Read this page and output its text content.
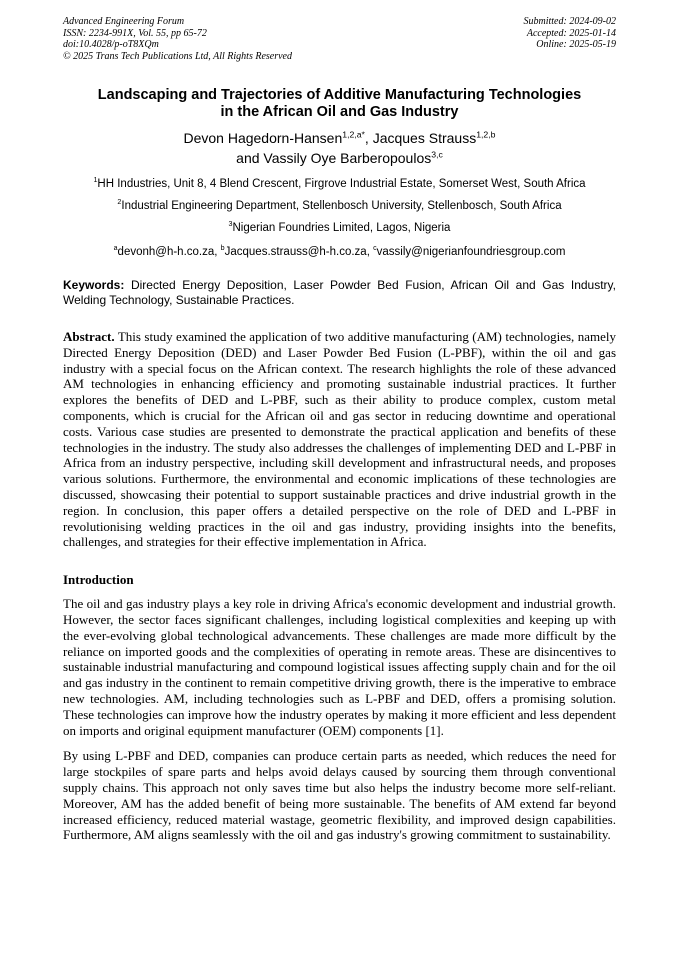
Advanced Engineering Forum
ISSN: 2234-991X, Vol. 55, pp 65-72
doi:10.4028/p-oT8XQm
© 2025 Trans Tech Publications Ltd, All Rights Reserved
Submitted: 2024-09-02
Accepted: 2025-01-14
Online: 2025-05-19
Landscaping and Trajectories of Additive Manufacturing Technologies
in the African Oil and Gas Industry
Devon Hagedorn-Hansen$^{1,2,a*}$, Jacques Strauss$^{1,2,b}$
and Vassily Oye Barberopoulos$^{3,c}$
$^1$HH Industries, Unit 8, 4 Blend Crescent, Firgrove Industrial Estate, Somerset West, South Africa
$^2$Industrial Engineering Department, Stellenbosch University, Stellenbosch, South Africa
$^3$Nigerian Foundries Limited, Lagos, Nigeria
$^a$devonh@h-h.co.za, $^b$Jacques.strauss@h-h.co.za, $^c$vassily@nigerianfoundriesgroup.com

Keywords: Directed Energy Deposition, Laser Powder Bed Fusion, African Oil and Gas Industry, Welding Technology, Sustainable Practices.

Abstract. This study examined the application of two additive manufacturing (AM) technologies, namely Directed Energy Deposition (DED) and Laser Powder Bed Fusion (L-PBF), within the oil and gas industry with a special focus on the African context. The research highlights the role of these advanced AM technologies in enhancing efficiency and promoting sustainable industrial practices. It further explores the benefits of DED and L-PBF, such as their ability to produce complex, custom metal components, which is crucial for the African oil and gas sector in reducing downtime and operational costs. Various case studies are presented to demonstrate the practical application and benefits of these technologies in the industry. The study also addresses the challenges of implementing DED and L-PBF in Africa from an industry perspective, including skill development and infrastructural needs, and proposes various solutions. Furthermore, the environmental and economic implications of these technologies are discussed, showcasing their potential to support sustainable practices and drive industrial growth in the region. In conclusion, this paper offers a detailed perspective on the role of DED and L-PBF in revolutionising welding practices in the oil and gas industry, providing insights into the benefits, challenges, and strategies for their effective implementation in Africa.

Introduction

The oil and gas industry plays a key role in driving Africa's economic development and industrial growth. However, the sector faces significant challenges, including logistical complexities and keeping up with the ever-evolving global technological advancements. These challenges are made more difficult by the reliance on imported goods and the complexities of operating in remote areas. These are disincentives to sustainable industrial manufacturing and compound logistical issues affecting supply chain and for the oil and gas industry in the continent to remain competitive driving growth, there is the imperative to embrace new technologies. AM, including technologies such as L-PBF and DED, offers a promising solution. These technologies can improve how the industry operates by making it more efficient and less dependent on imports and original equipment manufacturer (OEM) components [1].

By using L-PBF and DED, companies can produce certain parts as needed, which reduces the need for large stockpiles of spare parts and helps avoid delays caused by sourcing them through conventional supply chains. This approach not only saves time but also helps the industry become more self-reliant. Moreover, AM has the added benefit of being more sustainable. The benefits of AM extend far beyond increased efficiency, reduced material wastage, geometric flexibility, and improved design capabilities. Furthermore, AM aligns seamlessly with the oil and gas industry's growing commitment to sustainability.
